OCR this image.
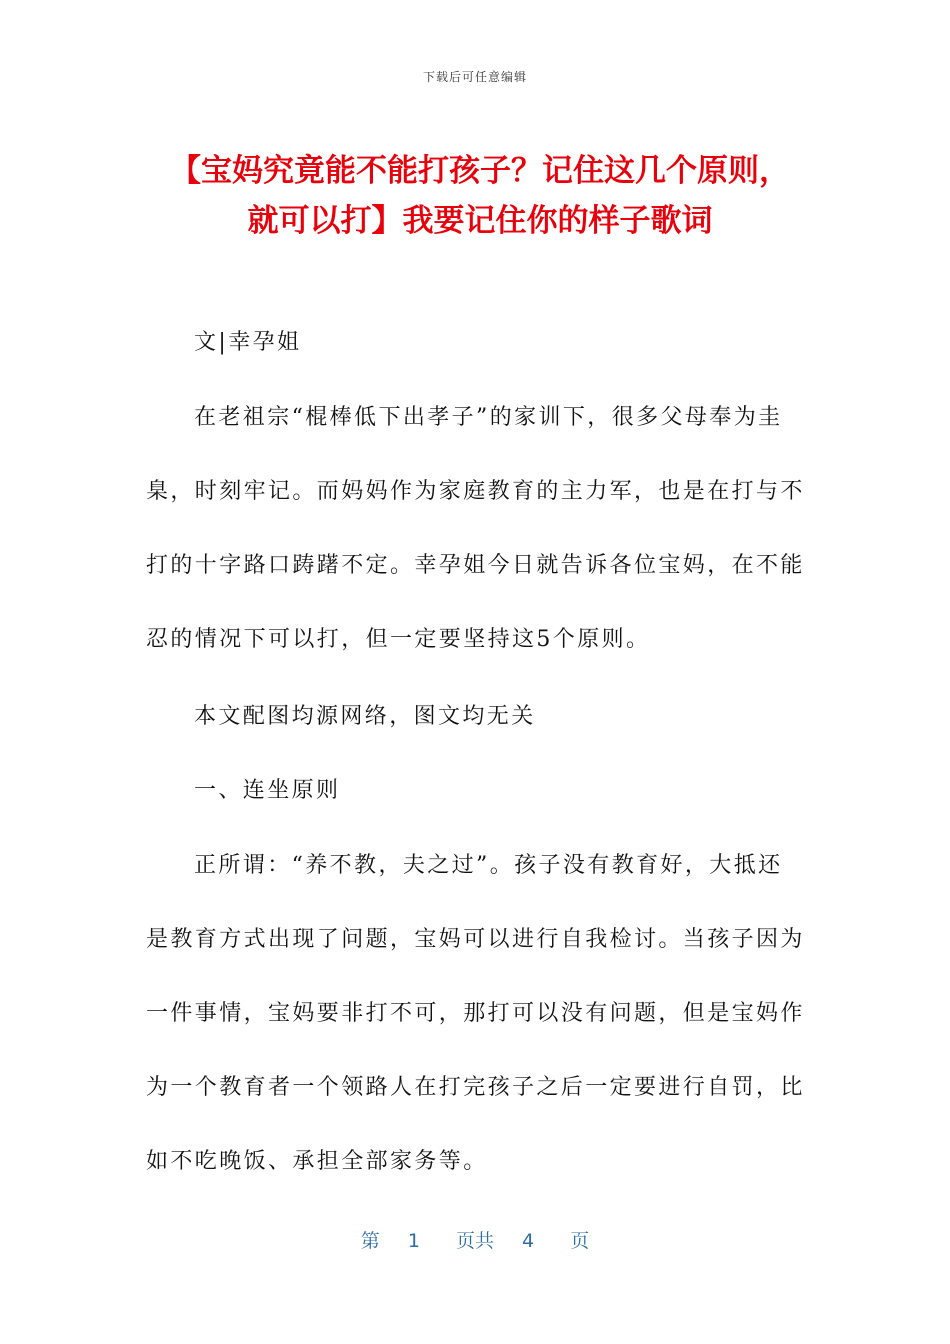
下载后可任意编辑
【宝妈究竟能不能打孩子？记住这几个原则，
就可以打】我要记住你的样子歌词
文|幸孕姐
在老祖宗“棍棒低下出孝子”的家训下，很多父母奉为圭
臬，时刻牢记。而妈妈作为家庭教育的主力军，也是在打与不
打的十字路口踌躇不定。幸孕姐今日就告诉各位宝妈，在不能
忍的情况下可以打，但一定要坚持这5个原则。
本文配图均源网络，图文均无关
一、连坐原则
正所谓：“养不教，夫之过”。孩子没有教育好，大抵还
是教育方式出现了问题，宝妈可以进行自我检讨。当孩子因为
一件事情，宝妈要非打不可，那打可以没有问题，但是宝妈作
为一个教育者一个领路人在打完孩子之后一定要进行自罚，比
如不吃晚饭、承担全部家务等。
第 1 页共 4 页
